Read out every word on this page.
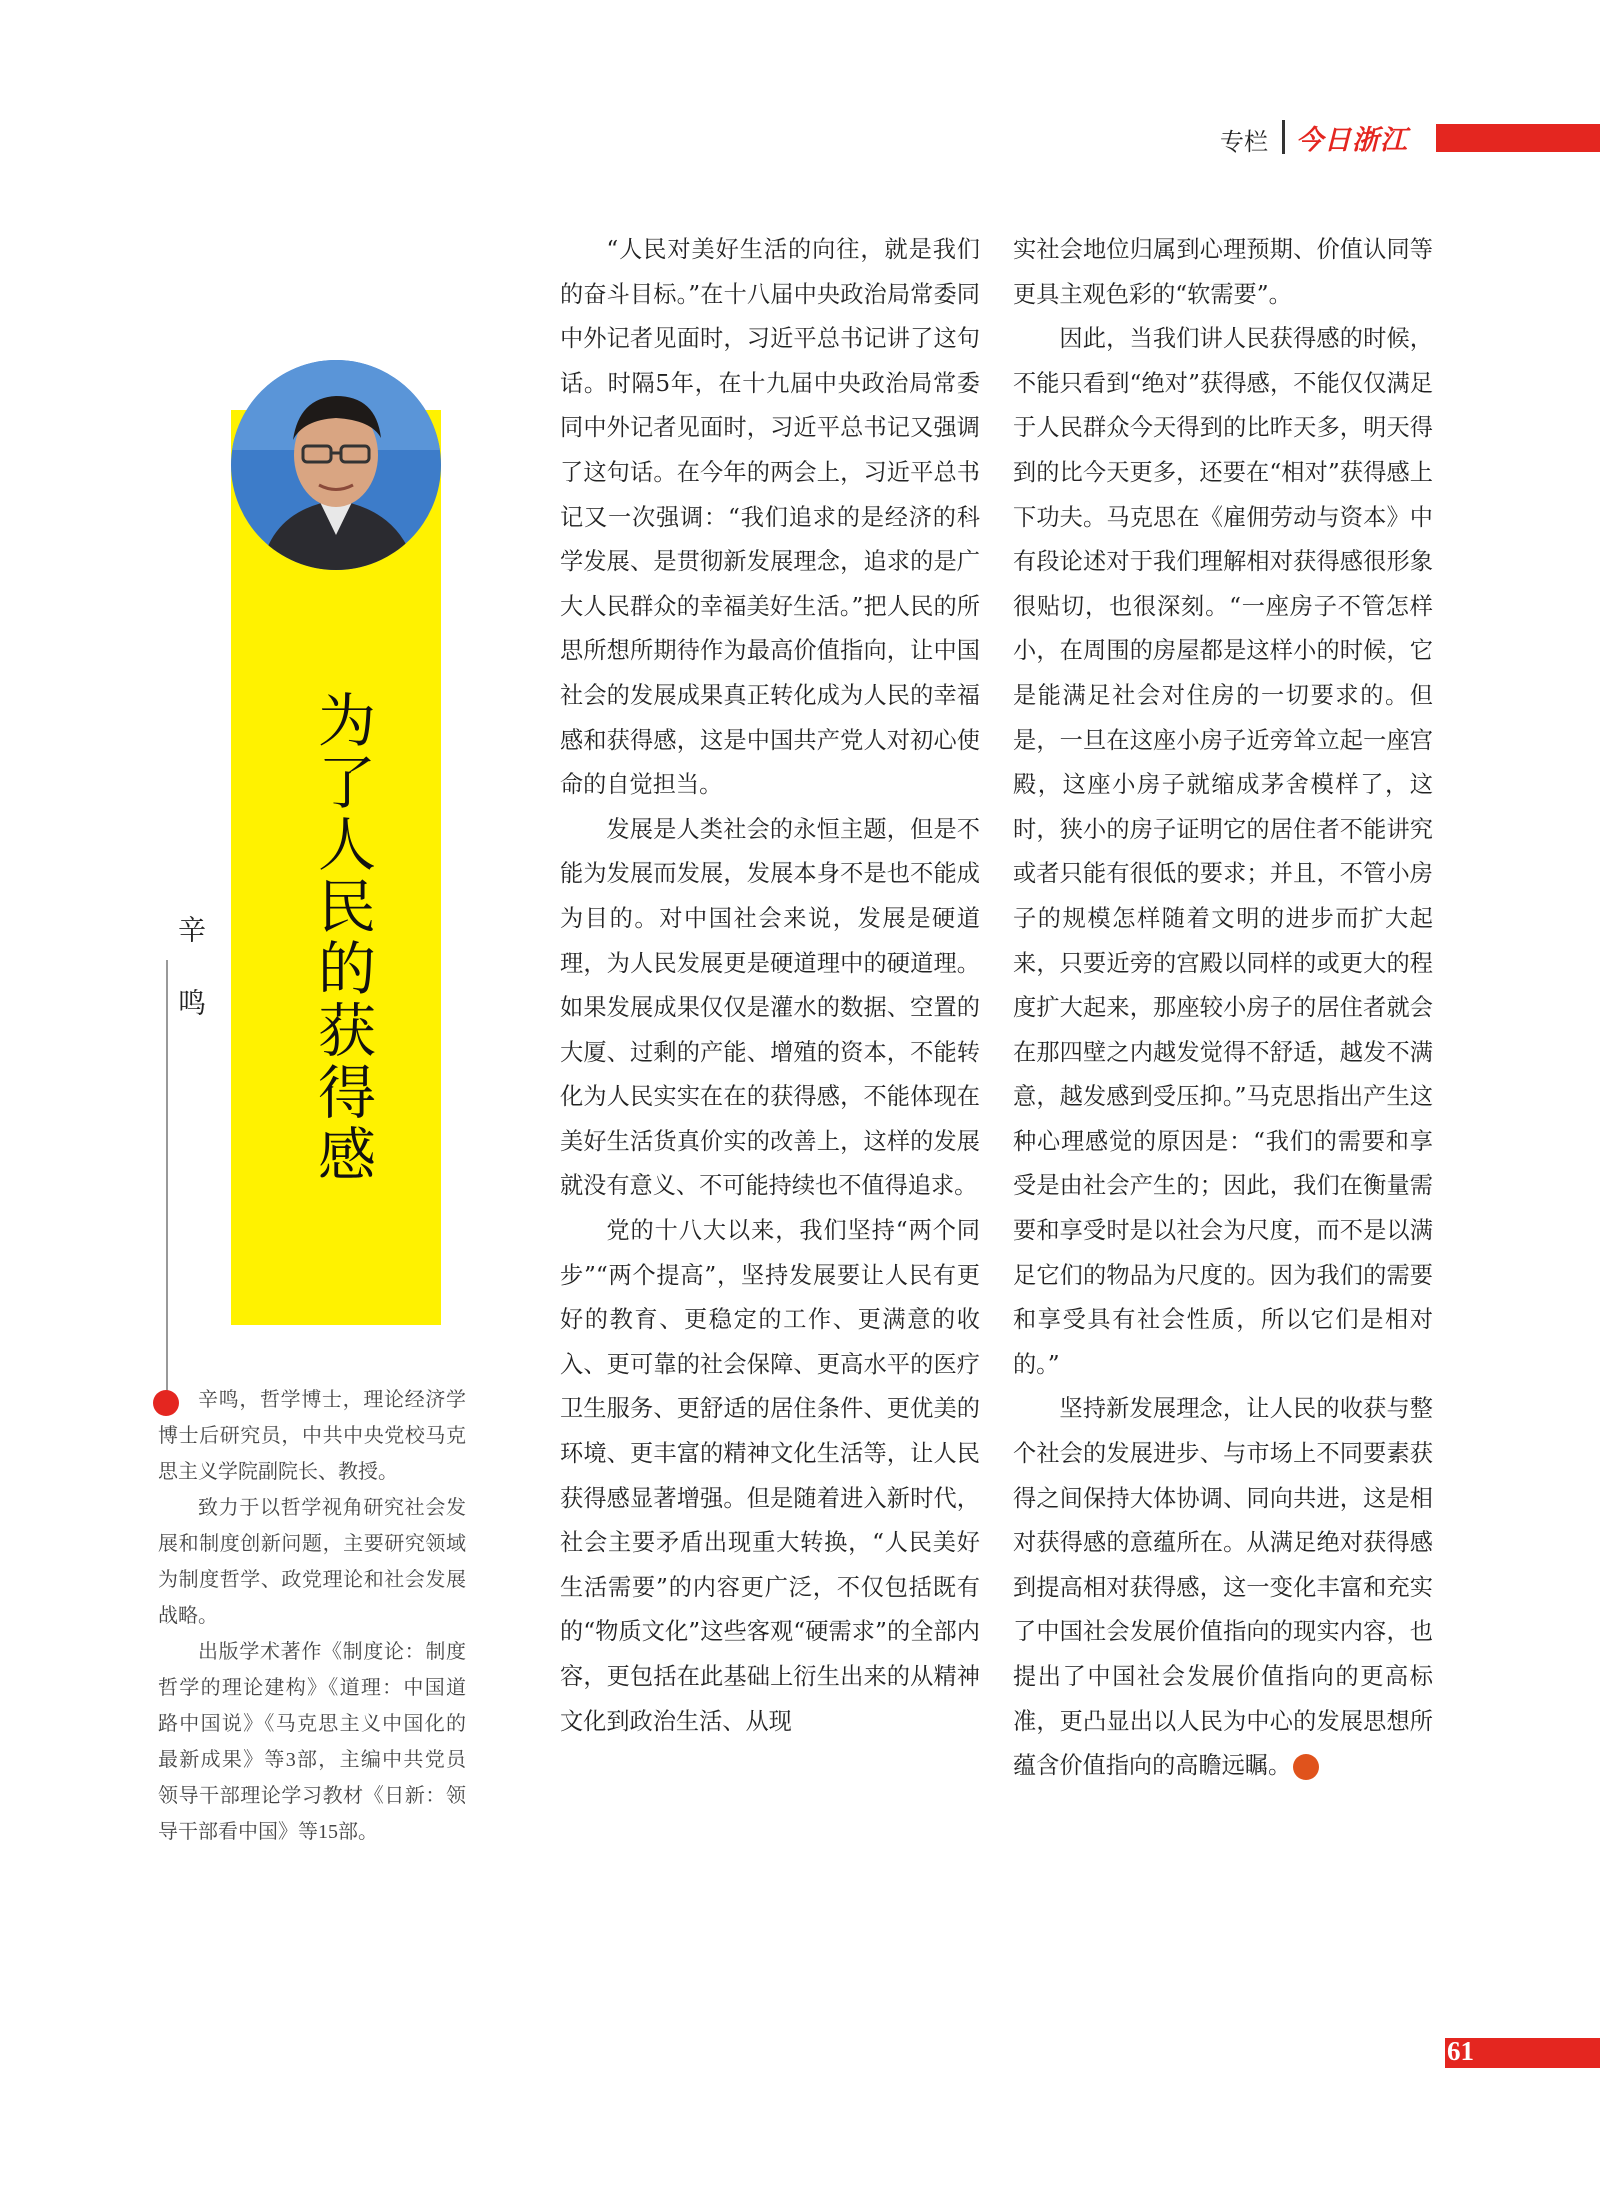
专栏 今日浙江
为了人民的获得感
辛 鸣

辛鸣，哲学博士，理论经济学博士后研究员，中共中央党校马克思主义学院副院长、教授。

致力于以哲学视角研究社会发展和制度创新问题，主要研究领域为制度哲学、政党理论和社会发展战略。

出版学术著作《制度论：制度哲学的理论建构》《道理：中国道路中国说》《马克思主义中国化的最新成果》等3部，主编中共党员领导干部理论学习教材《日新：领导干部看中国》等15部。

“人民对美好生活的向往，就是我们的奋斗目标。”在十八届中央政治局常委同中外记者见面时，习近平总书记讲了这句话。时隔5年，在十九届中央政治局常委同中外记者见面时，习近平总书记又强调了这句话。在今年的两会上，习近平总书记又一次强调：“我们追求的是经济的科学发展、是贯彻新发展理念，追求的是广大人民群众的幸福美好生活。”把人民的所思所想所期待作为最高价值指向，让中国社会的发展成果真正转化成为人民的幸福感和获得感，这是中国共产党人对初心使命的自觉担当。

发展是人类社会的永恒主题，但是不能为发展而发展，发展本身不是也不能成为目的。对中国社会来说，发展是硬道理，为人民发展更是硬道理中的硬道理。如果发展成果仅仅是灌水的数据、空置的大厦、过剩的产能、增殖的资本，不能转化为人民实实在在的获得感，不能体现在美好生活货真价实的改善上，这样的发展就没有意义、不可能持续也不值得追求。

党的十八大以来，我们坚持“两个同步”“两个提高”，坚持发展要让人民有更好的教育、更稳定的工作、更满意的收入、更可靠的社会保障、更高水平的医疗卫生服务、更舒适的居住条件、更优美的环境、更丰富的精神文化生活等，让人民获得感显著增强。但是随着进入新时代，社会主要矛盾出现重大转换，“人民美好生活需要”的内容更广泛，不仅包括既有的“物质文化”这些客观“硬需求”的全部内容，更包括在此基础上衍生出来的从精神文化到政治生活、从现

实社会地位归属到心理预期、价值认同等更具主观色彩的“软需要”。

因此，当我们讲人民获得感的时候，不能只看到“绝对”获得感，不能仅仅满足于人民群众今天得到的比昨天多，明天得到的比今天更多，还要在“相对”获得感上下功夫。马克思在《雇佣劳动与资本》中有段论述对于我们理解相对获得感很形象很贴切，也很深刻。“一座房子不管怎样小，在周围的房屋都是这样小的时候，它是能满足社会对住房的一切要求的。但是，一旦在这座小房子近旁耸立起一座宫殿，这座小房子就缩成茅舍模样了，这时，狭小的房子证明它的居住者不能讲究或者只能有很低的要求；并且，不管小房子的规模怎样随着文明的进步而扩大起来，只要近旁的宫殿以同样的或更大的程度扩大起来，那座较小房子的居住者就会在那四壁之内越发觉得不舒适，越发不满意，越发感到受压抑。”马克思指出产生这种心理感觉的原因是：“我们的需要和享受是由社会产生的；因此，我们在衡量需要和享受时是以社会为尺度，而不是以满足它们的物品为尺度的。因为我们的需要和享受具有社会性质，所以它们是相对的。”

坚持新发展理念，让人民的收获与整个社会的发展进步、与市场上不同要素获得之间保持大体协调、同向共进，这是相对获得感的意蕴所在。从满足绝对获得感到提高相对获得感，这一变化丰富和充实了中国社会发展价值指向的现实内容，也提出了中国社会发展价值指向的更高标准，更凸显出以人民为中心的发展思想所蕴含价值指向的高瞻远瞩。	今

61
